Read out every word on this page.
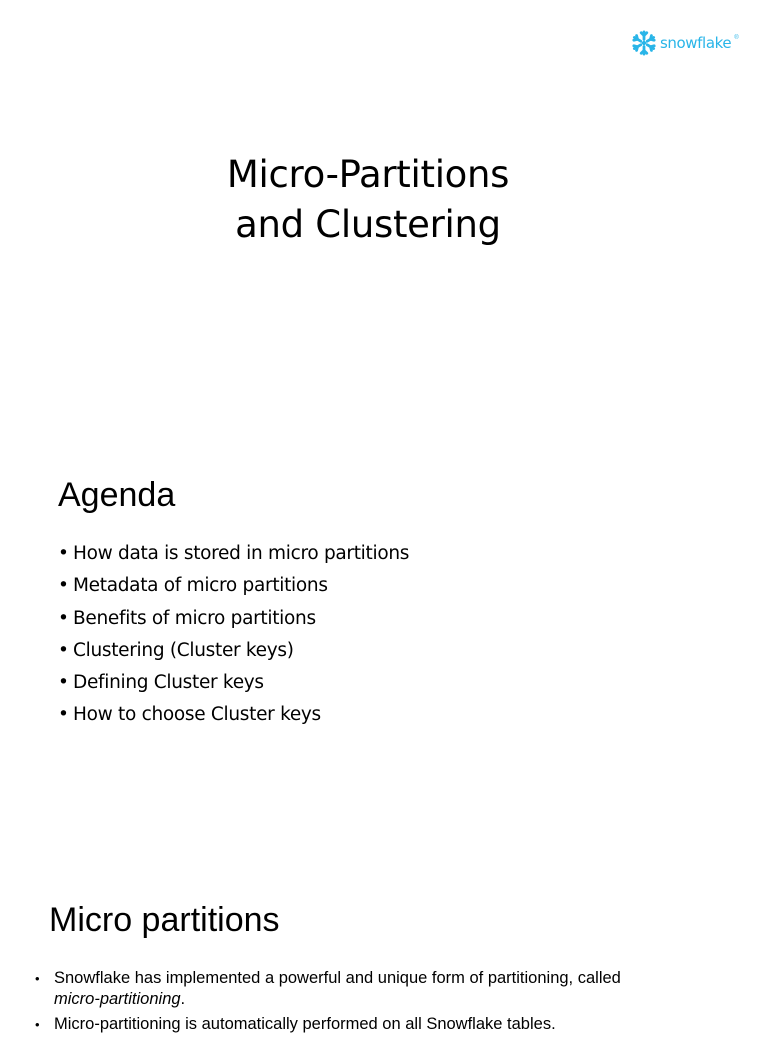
snowflake ®
Micro-Partitions
and Clustering
Agenda
• How data is stored in micro partitions
• Metadata of micro partitions
• Benefits of micro partitions
• Clustering (Cluster keys)
• Defining Cluster keys
• How to choose Cluster keys
Micro partitions
• Snowflake has implemented a powerful and unique form of partitioning, called micro-partitioning.
• Micro-partitioning is automatically performed on all Snowflake tables.
